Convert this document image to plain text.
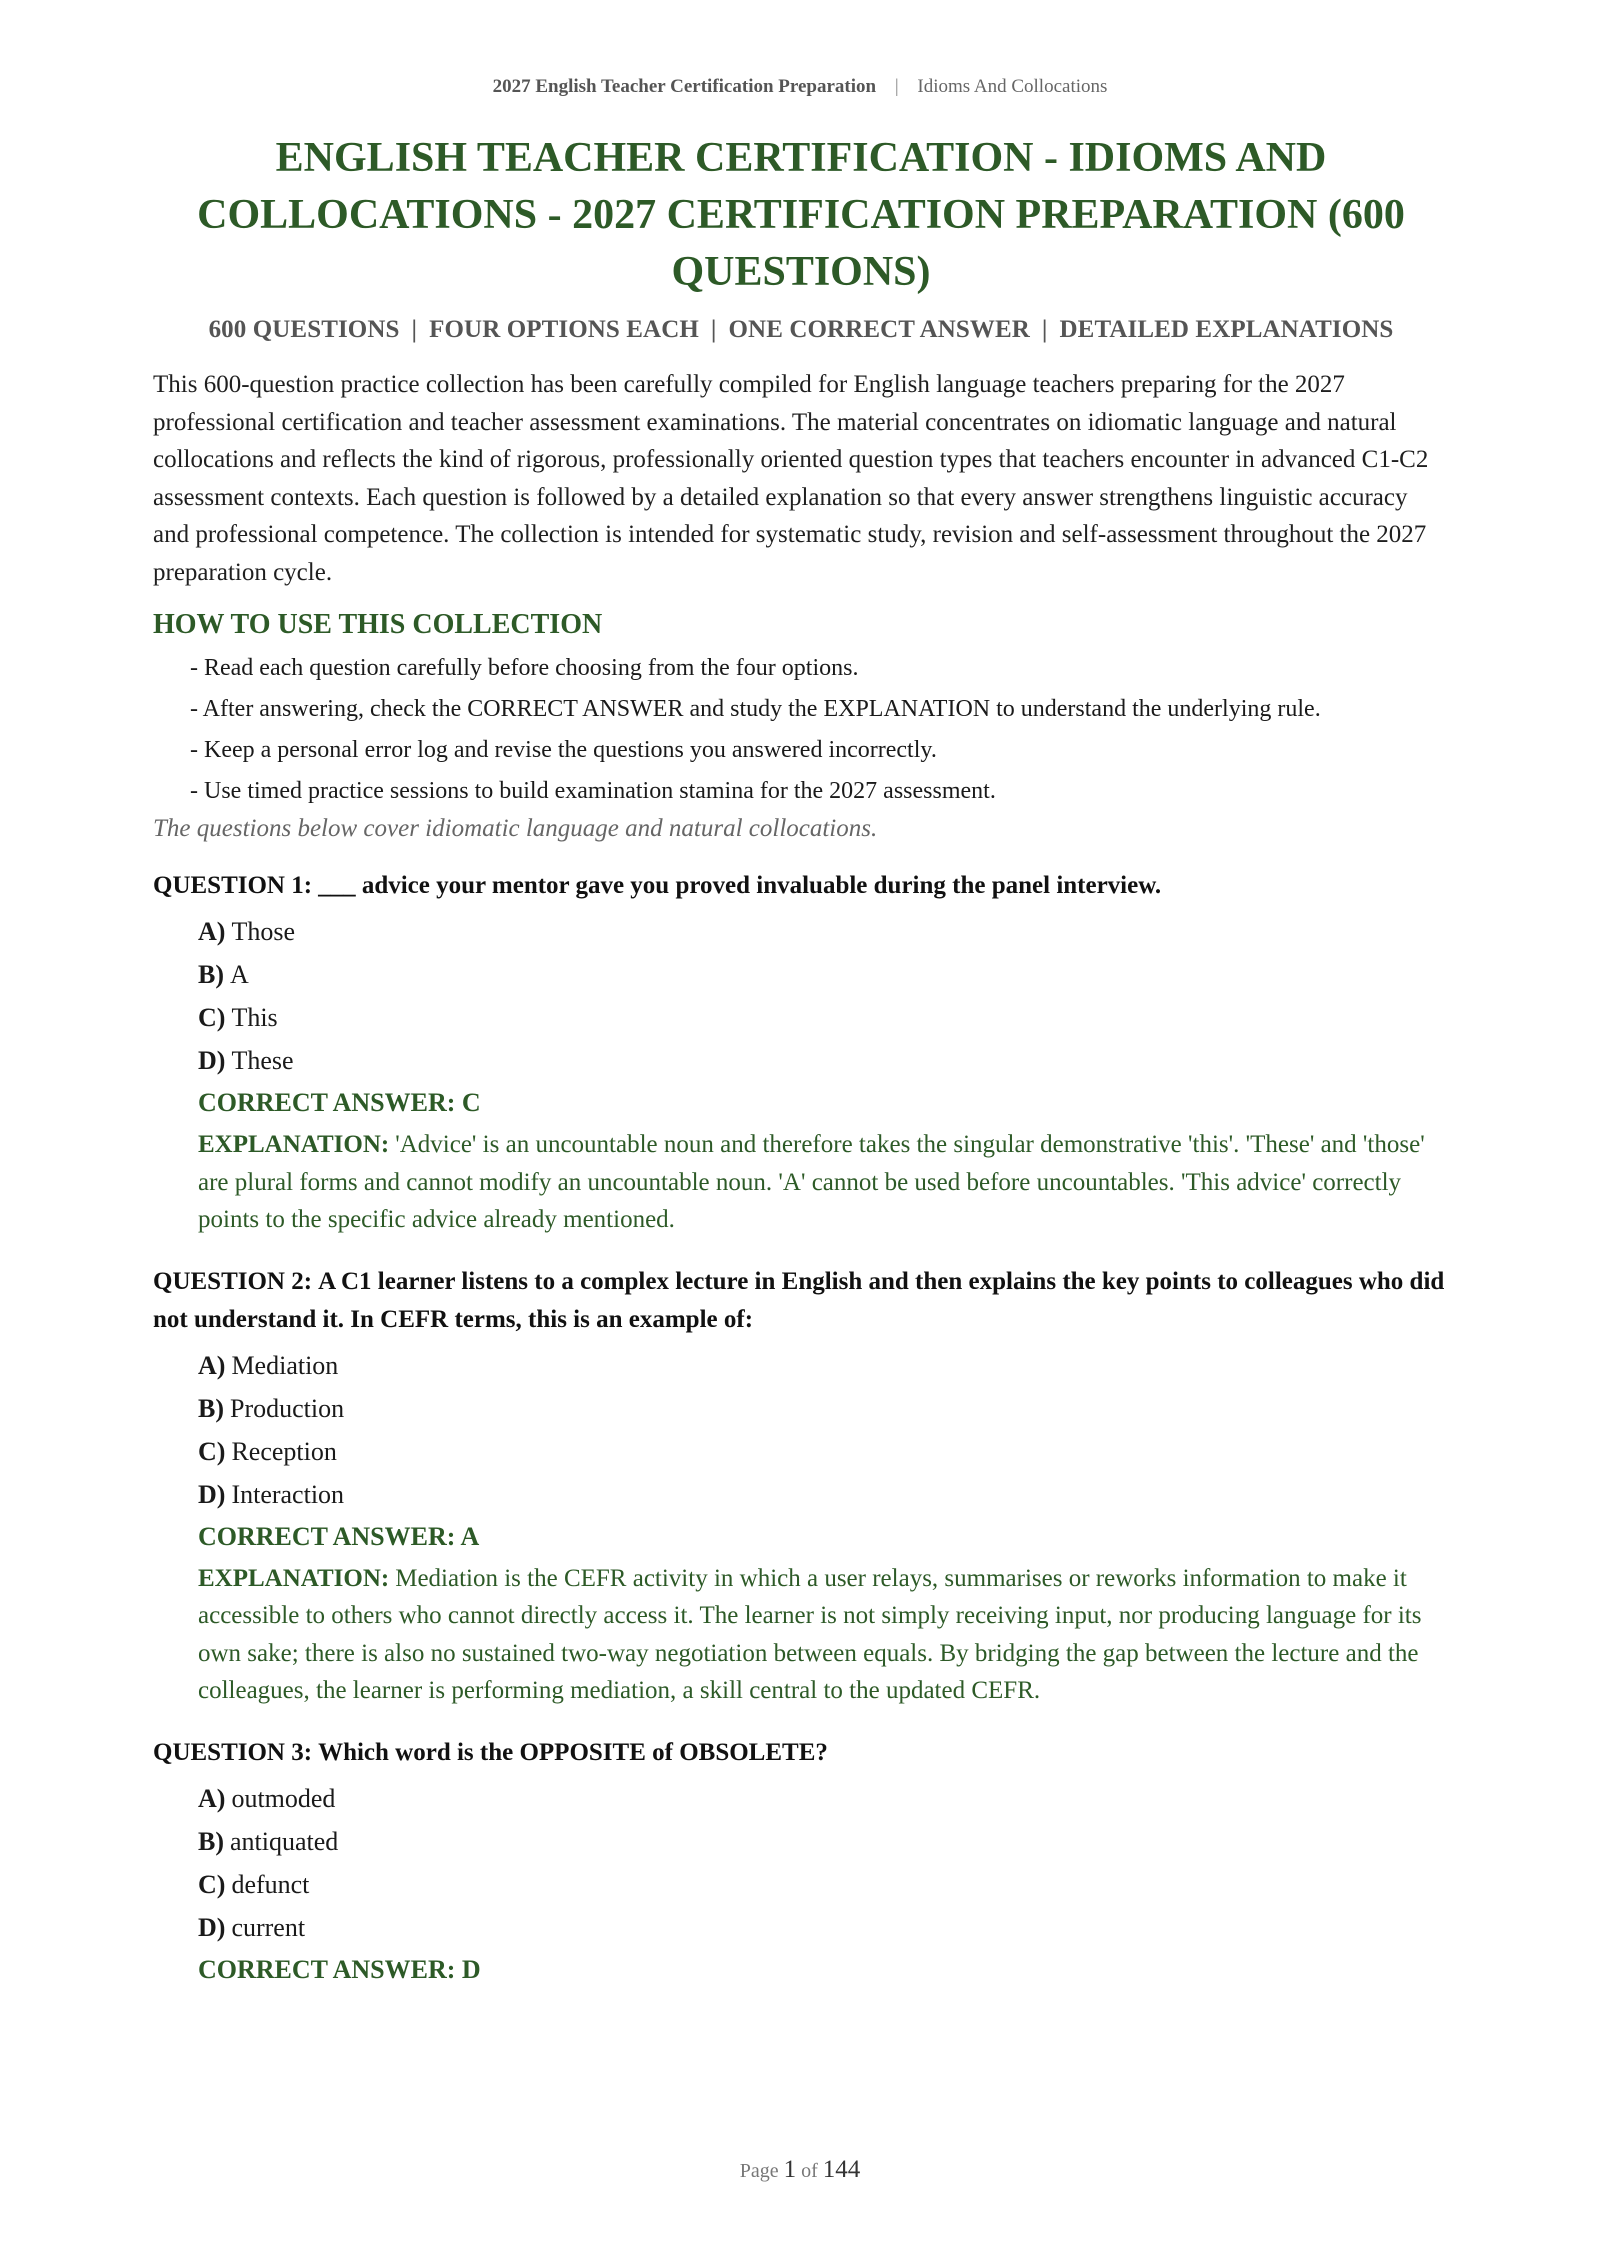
2027 English Teacher Certification Preparation | Idioms And Collocations
ENGLISH TEACHER CERTIFICATION - IDIOMS AND COLLOCATIONS - 2027 CERTIFICATION PREPARATION (600 QUESTIONS)
600 QUESTIONS | FOUR OPTIONS EACH | ONE CORRECT ANSWER | DETAILED EXPLANATIONS

This 600-question practice collection has been carefully compiled for English language teachers preparing for the 2027 professional certification and teacher assessment examinations. The material concentrates on idiomatic language and natural collocations and reflects the kind of rigorous, professionally oriented question types that teachers encounter in advanced C1-C2 assessment contexts. Each question is followed by a detailed explanation so that every answer strengthens linguistic accuracy and professional competence. The collection is intended for systematic study, revision and self-assessment throughout the 2027 preparation cycle.

HOW TO USE THIS COLLECTION
- Read each question carefully before choosing from the four options.
- After answering, check the CORRECT ANSWER and study the EXPLANATION to understand the underlying rule.
- Keep a personal error log and revise the questions you answered incorrectly.
- Use timed practice sessions to build examination stamina for the 2027 assessment.
The questions below cover idiomatic language and natural collocations.
QUESTION 1: ___ advice your mentor gave you proved invaluable during the panel interview.
A) Those
B) A
C) This
D) These
CORRECT ANSWER: C
EXPLANATION: 'Advice' is an uncountable noun and therefore takes the singular demonstrative 'this'. 'These' and 'those' are plural forms and cannot modify an uncountable noun. 'A' cannot be used before uncountables. 'This advice' correctly points to the specific advice already mentioned.
QUESTION 2: A C1 learner listens to a complex lecture in English and then explains the key points to colleagues who did not understand it. In CEFR terms, this is an example of:
A) Mediation
B) Production
C) Reception
D) Interaction
CORRECT ANSWER: A
EXPLANATION: Mediation is the CEFR activity in which a user relays, summarises or reworks information to make it accessible to others who cannot directly access it. The learner is not simply receiving input, nor producing language for its own sake; there is also no sustained two-way negotiation between equals. By bridging the gap between the lecture and the colleagues, the learner is performing mediation, a skill central to the updated CEFR.
QUESTION 3: Which word is the OPPOSITE of OBSOLETE?
A) outmoded
B) antiquated
C) defunct
D) current
CORRECT ANSWER: D
Page 1 of 144
